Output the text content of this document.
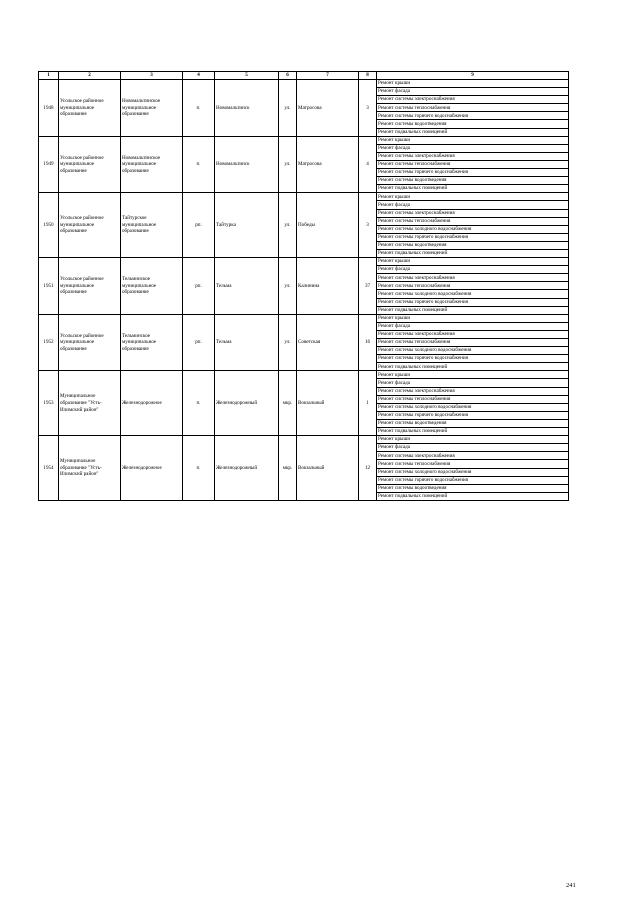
1	2	3	4	5	6	7	8	9
1948	Усольское районное муниципальное образование	Новомальтинское муниципальное образование	п.	Новомальтинск	ул.	Матросова	3	Ремонт крыши
								Ремонт фасада
								Ремонт системы электроснабжения
								Ремонт системы теплоснабжения
								Ремонт системы горячего водоснабжения
								Ремонт системы водоотведения
								Ремонт подвальных помещений
1949	Усольское районное муниципальное образование	Новомальтинское муниципальное образование	п.	Новомальтинск	ул.	Матросова	4	Ремонт крыши
								Ремонт фасада
								Ремонт системы электроснабжения
								Ремонт системы теплоснабжения
								Ремонт системы горячего водоснабжения
								Ремонт системы водоотведения
								Ремонт подвальных помещений
1950	Усольское районное муниципальное образование	Тайтурское муниципальное образование	рп.	Тайтурка	ул.	Победы	3	Ремонт крыши
								Ремонт фасада
								Ремонт системы электроснабжения
								Ремонт системы теплоснабжения
								Ремонт системы холодного водоснабжения
								Ремонт системы горячего водоснабжения
								Ремонт системы водоотведения
								Ремонт подвальных помещений
1951	Усольское районное муниципальное образование	Тельминское муниципальное образование	рп.	Тельма	ул.	Калинина	37	Ремонт крыши
								Ремонт фасада
								Ремонт системы электроснабжения
								Ремонт системы теплоснабжения
								Ремонт системы холодного водоснабжения
								Ремонт системы горячего водоснабжения
								Ремонт подвальных помещений
1952	Усольское районное муниципальное образование	Тельминское муниципальное образование	рп.	Тельма	ул.	Советская	16	Ремонт крыши
								Ремонт фасада
								Ремонт системы электроснабжения
								Ремонт системы теплоснабжения
								Ремонт системы холодного водоснабжения
								Ремонт системы горячего водоснабжения
								Ремонт подвальных помещений
1953	Муниципальное образование "Усть-Илимский район"	Железнодорожное	п.	Железнодорожный	мкр.	Вокзальный	1	Ремонт крыши
								Ремонт фасада
								Ремонт системы электроснабжения
								Ремонт системы теплоснабжения
								Ремонт системы холодного водоснабжения
								Ремонт системы горячего водоснабжения
								Ремонт системы водоотведения
								Ремонт подвальных помещений
1954	Муниципальное образование "Усть-Илимский район"	Железнодорожное	п.	Железнодорожный	мкр.	Вокзальный	12	Ремонт крыши
								Ремонт фасада
								Ремонт системы электроснабжения
								Ремонт системы теплоснабжения
								Ремонт системы холодного водоснабжения
								Ремонт системы горячего водоснабжения
								Ремонт системы водоотведения
								Ремонт подвальных помещений
241
